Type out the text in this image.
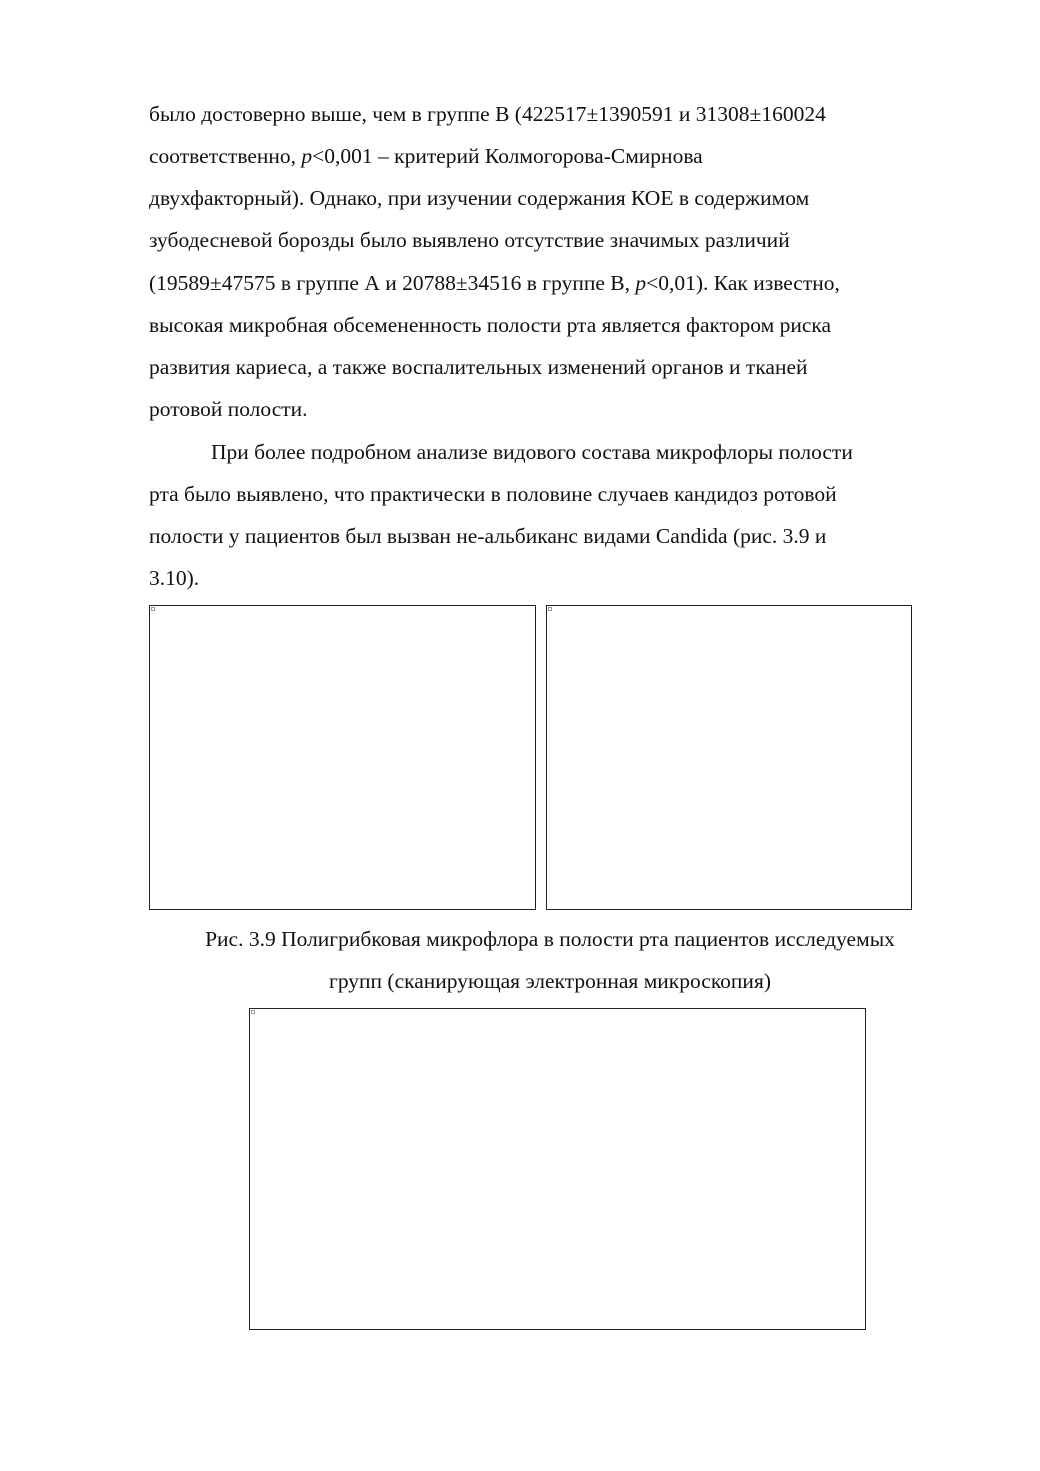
было достоверно выше, чем в группе В (422517±1390591 и 31308±160024
соответственно, p<0,001 – критерий Колмогорова-Смирнова
двухфакторный). Однако, при изучении содержания КОЕ в содержимом
зубодесневой борозды было выявлено отсутствие значимых различий
(19589±47575 в группе А и 20788±34516 в группе В, p<0,01). Как известно,
высокая микробная обсемененность полости рта является фактором риска
развития кариеса, а также воспалительных изменений органов и тканей
ротовой полости.
При более подробном анализе видового состава микрофлоры полости
рта было выявлено, что практически в половине случаев кандидоз ротовой
полости у пациентов был вызван не-альбиканс видами Candida (рис. 3.9 и
3.10).
Рис. 3.9 Полигрибковая микрофлора в полости рта пациентов исследуемых
групп (сканирующая электронная микроскопия)
